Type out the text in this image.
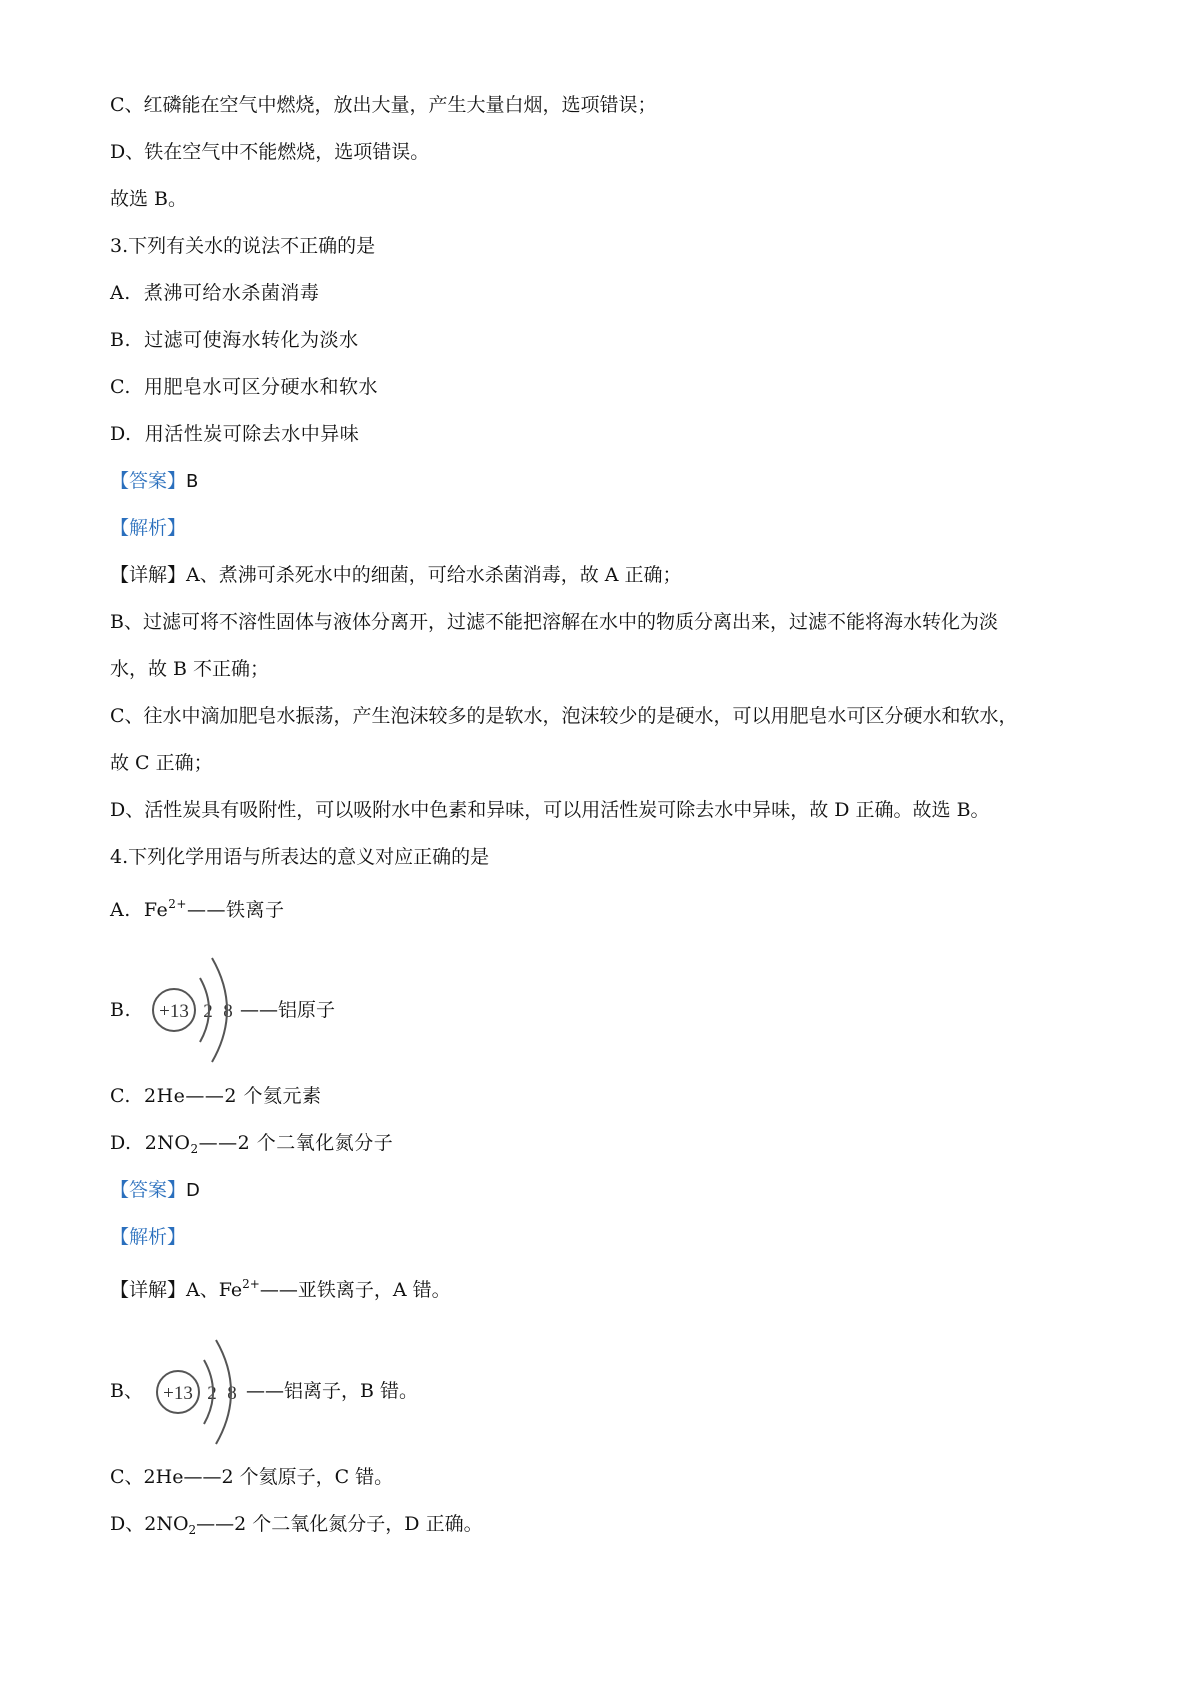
C、红磷能在空气中燃烧，放出大量，产生大量白烟，选项错误；
D、铁在空气中不能燃烧，选项错误。
故选 B。
3.下列有关水的说法不正确的是
A. 煮沸可给水杀菌消毒
B. 过滤可使海水转化为淡水
C. 用肥皂水可区分硬水和软水
D. 用活性炭可除去水中异味
【答案】B
【解析】
【详解】A、煮沸可杀死水中的细菌，可给水杀菌消毒，故 A 正确；
B、过滤可将不溶性固体与液体分离开，过滤不能把溶解在水中的物质分离出来，过滤不能将海水转化为淡
水，故 B 不正确；
C、往水中滴加肥皂水振荡，产生泡沫较多的是软水，泡沫较少的是硬水，可以用肥皂水可区分硬水和软水，
故 C 正确；
D、活性炭具有吸附性，可以吸附水中色素和异味，可以用活性炭可除去水中异味，故 D 正确。故选 B。
4.下列化学用语与所表达的意义对应正确的是
A. $Fe^{2+}——$铁离子
B. +13 2 8 ——铝原子
C. 2He——2 个氦元素
D. $2NO_2——2$ 个二氧化氮分子
【答案】D
【解析】
【详解】A、$Fe^{2+}——$亚铁离子，A 错。
B、 +13 2 8 ——铝离子，B 错。
C、2He——2 个氦原子，C 错。
D、$2NO_2——2$ 个二氧化氮分子，D 正确。
